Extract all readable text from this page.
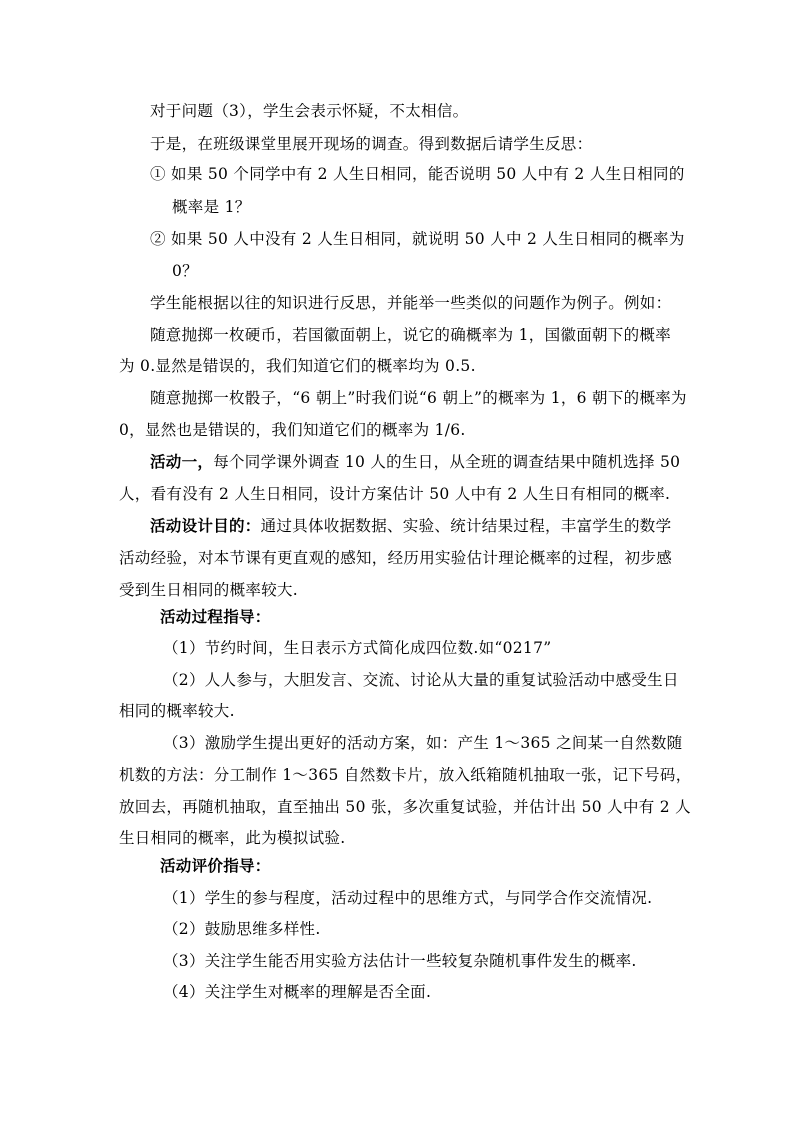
对于问题（3），学生会表示怀疑，不太相信。
于是，在班级课堂里展开现场的调查。得到数据后请学生反思：
① 如果 50 个同学中有 2 人生日相同，能否说明 50 人中有 2 人生日相同的
概率是 1？
② 如果 50 人中没有 2 人生日相同，就说明 50 人中 2 人生日相同的概率为
0？
学生能根据以往的知识进行反思，并能举一些类似的问题作为例子。例如：
随意抛掷一枚硬币，若国徽面朝上，说它的确概率为 1，国徽面朝下的概率
为 0.显然是错误的，我们知道它们的概率均为 0.5.
随意抛掷一枚骰子，“6 朝上”时我们说“6 朝上”的概率为 1，6 朝下的概率为
0，显然也是错误的，我们知道它们的概率为 1/6.
活动一，每个同学课外调查 10 人的生日，从全班的调查结果中随机选择 50
人，看有没有 2 人生日相同，设计方案估计 50 人中有 2 人生日有相同的概率.
活动设计目的：通过具体收据数据、实验、统计结果过程，丰富学生的数学
活动经验，对本节课有更直观的感知，经历用实验估计理论概率的过程，初步感
受到生日相同的概率较大.
活动过程指导：
（1）节约时间，生日表示方式简化成四位数.如“0217”
（2）人人参与，大胆发言、交流、讨论从大量的重复试验活动中感受生日
相同的概率较大.
（3）激励学生提出更好的活动方案，如：产生 1～365 之间某一自然数随
机数的方法：分工制作 1～365 自然数卡片，放入纸箱随机抽取一张，记下号码，
放回去，再随机抽取，直至抽出 50 张，多次重复试验，并估计出 50 人中有 2 人
生日相同的概率，此为模拟试验.
活动评价指导：
（1）学生的参与程度，活动过程中的思维方式，与同学合作交流情况.
（2）鼓励思维多样性.
（3）关注学生能否用实验方法估计一些较复杂随机事件发生的概率.
（4）关注学生对概率的理解是否全面.
